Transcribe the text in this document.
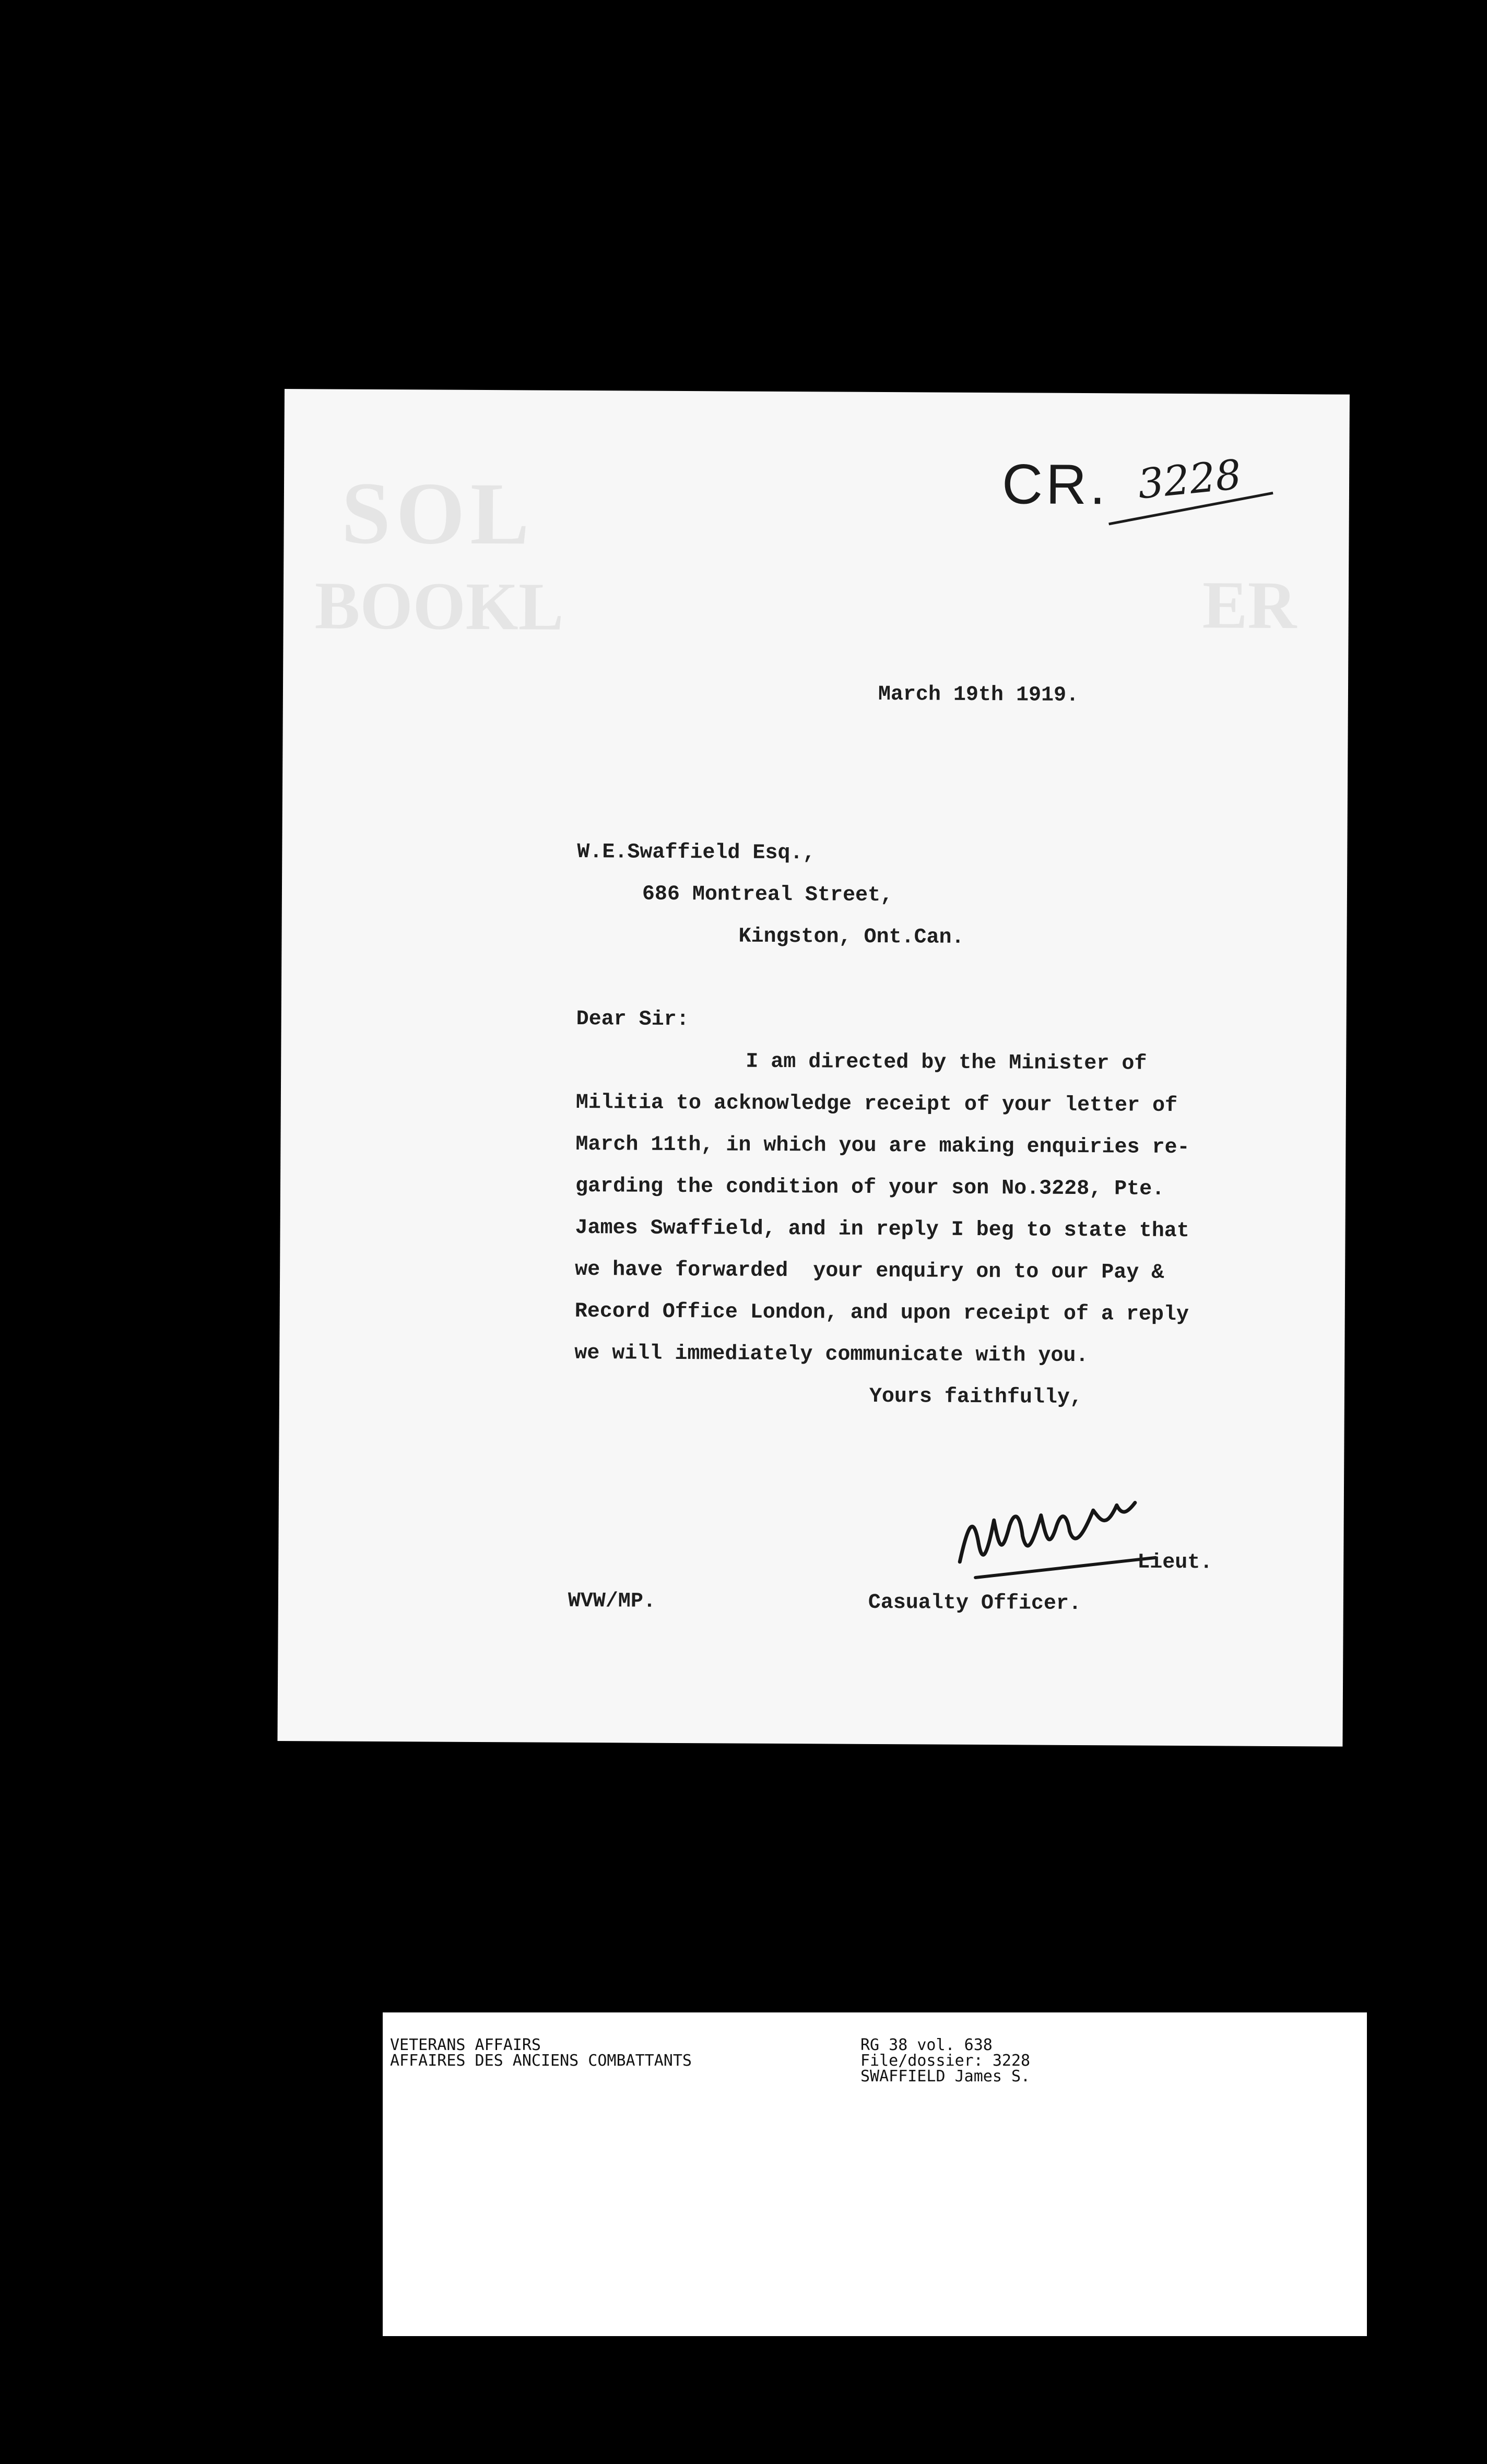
SOL
BOOKL	ER
CR. 3228
March 19th 1919.
W.E.Swaffield Esq.,
686 Montreal Street,
Kingston, Ont.Can.
Dear Sir:
I am directed by the Minister of
Militia to acknowledge receipt of your letter of
March 11th, in which you are making enquiries re-
garding the condition of your son No.3228, Pte.
James Swaffield, and in reply I beg to state that
we have forwarded  your enquiry on to our Pay &
Record Office London, and upon receipt of a reply
we will immediately communicate with you.
Yours faithfully,
Lieut.
WVW/MP.	Casualty Officer.
VETERANS AFFAIRS
AFFAIRES DES ANCIENS COMBATTANTS
RG 38 vol. 638
File/dossier: 3228
SWAFFIELD James S.
